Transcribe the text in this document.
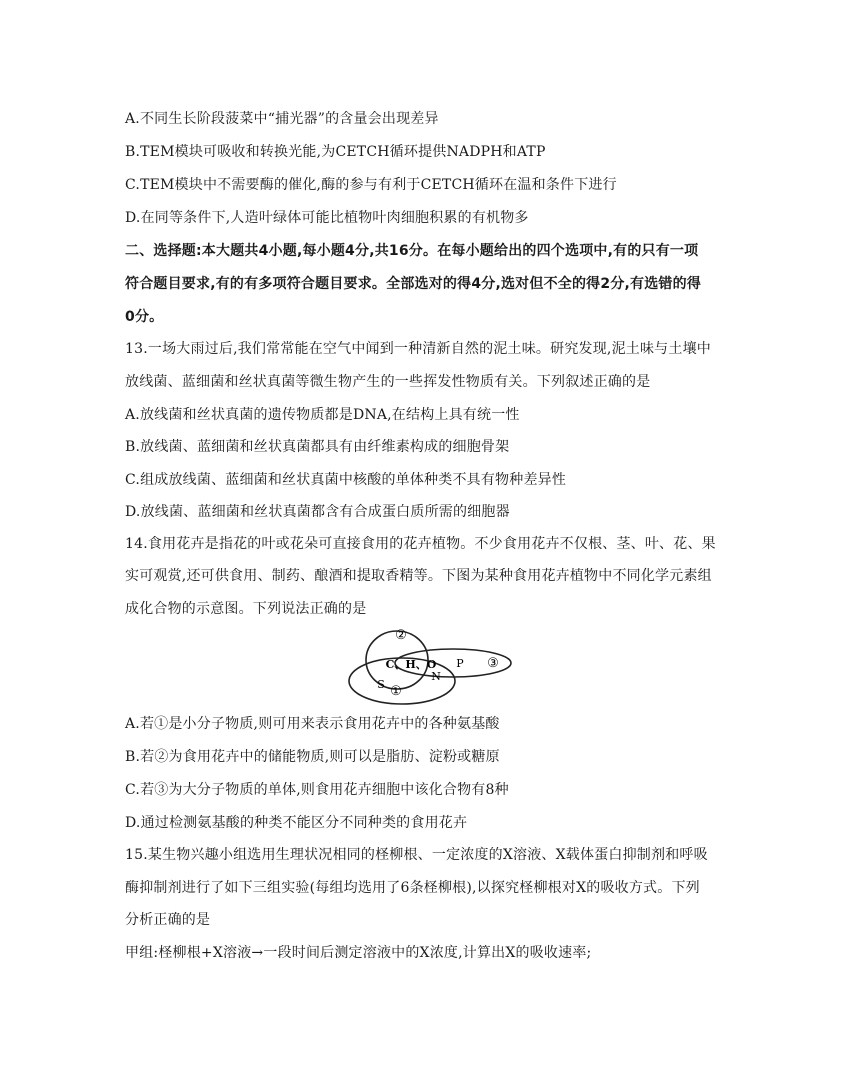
A.不同生长阶段菠菜中“捕光器”的含量会出现差异
B.TEM模块可吸收和转换光能,为CETCH循环提供NADPH和ATP
C.TEM模块中不需要酶的催化,酶的参与有利于CETCH循环在温和条件下进行
D.在同等条件下,人造叶绿体可能比植物叶肉细胞积累的有机物多
二、选择题:本大题共4小题,每小题4分,共16分。在每小题给出的四个选项中,有的只有一项
符合题目要求,有的有多项符合题目要求。全部选对的得4分,选对但不全的得2分,有选错的得
0分。
13.一场大雨过后,我们常常能在空气中闻到一种清新自然的泥土味。研究发现,泥土味与土壤中
放线菌、蓝细菌和丝状真菌等微生物产生的一些挥发性物质有关。下列叙述正确的是
A.放线菌和丝状真菌的遗传物质都是DNA,在结构上具有统一性
B.放线菌、蓝细菌和丝状真菌都具有由纤维素构成的细胞骨架
C.组成放线菌、蓝细菌和丝状真菌中核酸的单体种类不具有物种差异性
D.放线菌、蓝细菌和丝状真菌都含有合成蛋白质所需的细胞器
14.食用花卉是指花的叶或花朵可直接食用的花卉植物。不少食用花卉不仅根、茎、叶、花、果
实可观赏,还可供食用、制药、酿酒和提取香精等。下图为某种食用花卉植物中不同化学元素组
成化合物的示意图。下列说法正确的是
②
C、H、O P ③
S
N
①
A.若①是小分子物质,则可用来表示食用花卉中的各种氨基酸
B.若②为食用花卉中的储能物质,则可以是脂肪、淀粉或糖原
C.若③为大分子物质的单体,则食用花卉细胞中该化合物有8种
D.通过检测氨基酸的种类不能区分不同种类的食用花卉
15.某生物兴趣小组选用生理状况相同的柽柳根、一定浓度的X溶液、X载体蛋白抑制剂和呼吸
酶抑制剂进行了如下三组实验(每组均选用了6条柽柳根),以探究柽柳根对X的吸收方式。下列
分析正确的是
甲组:柽柳根+X溶液→一段时间后测定溶液中的X浓度,计算出X的吸收速率;
